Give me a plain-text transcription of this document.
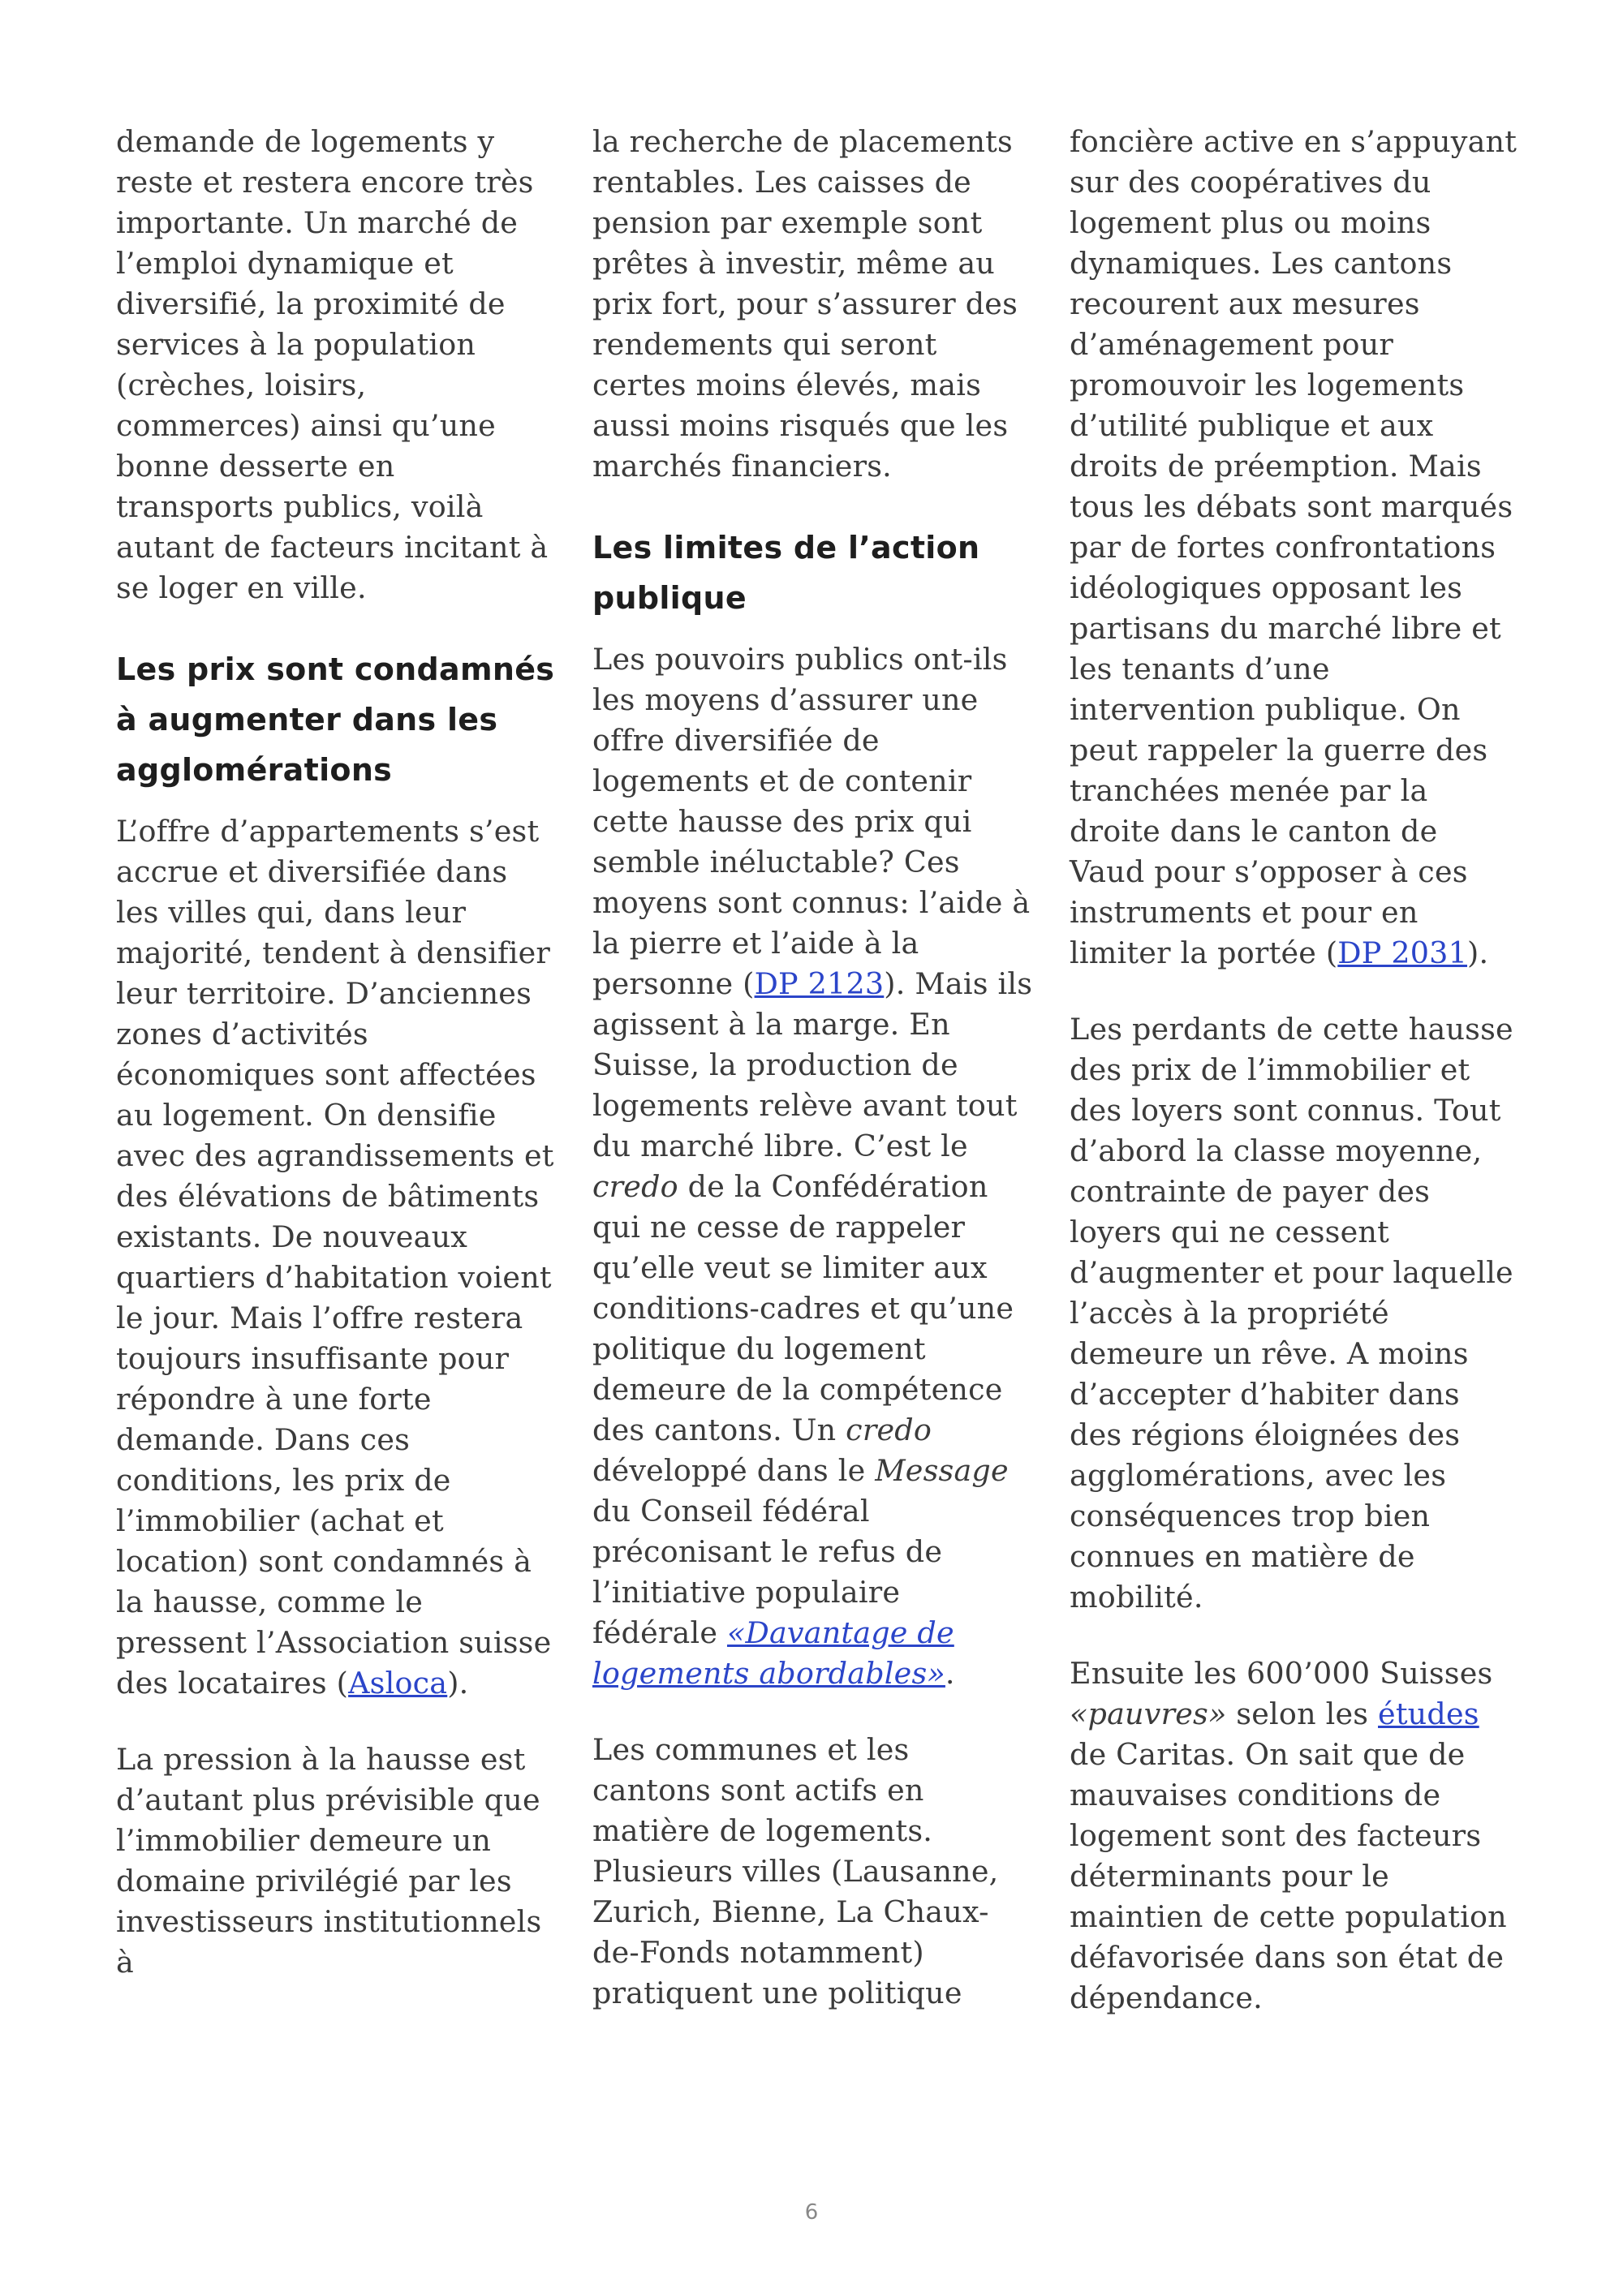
demande de logements y reste et restera encore très importante. Un marché de l’emploi dynamique et diversifié, la proximité de services à la population (crèches, loisirs, commerces) ainsi qu’une bonne desserte en transports publics, voilà autant de facteurs incitant à se loger en ville.

Les prix sont condamnés à augmenter dans les agglomérations

L’offre d’appartements s’est accrue et diversifiée dans les villes qui, dans leur majorité, tendent à densifier leur territoire. D’anciennes zones d’activités économiques sont affectées au logement. On densifie avec des agrandissements et des élévations de bâtiments existants. De nouveaux quartiers d’habitation voient le jour. Mais l’offre restera toujours insuffisante pour répondre à une forte demande. Dans ces conditions, les prix de l’immobilier (achat et location) sont condamnés à la hausse, comme le pressent l’Association suisse des locataires (Asloca).

La pression à la hausse est d’autant plus prévisible que l’immobilier demeure un domaine privilégié par les investisseurs institutionnels à

la recherche de placements rentables. Les caisses de pension par exemple sont prêtes à investir, même au prix fort, pour s’assurer des rendements qui seront certes moins élevés, mais aussi moins risqués que les marchés financiers.

Les limites de l’action publique

Les pouvoirs publics ont-ils les moyens d’assurer une offre diversifiée de logements et de contenir cette hausse des prix qui semble inéluctable? Ces moyens sont connus: l’aide à la pierre et l’aide à la personne (DP 2123). Mais ils agissent à la marge. En Suisse, la production de logements relève avant tout du marché libre. C’est le credo de la Confédération qui ne cesse de rappeler qu’elle veut se limiter aux conditions-cadres et qu’une politique du logement demeure de la compétence des cantons. Un credo développé dans le Message du Conseil fédéral préconisant le refus de l’initiative populaire fédérale «Davantage de logements abordables».

Les communes et les cantons sont actifs en matière de logements. Plusieurs villes (Lausanne, Zurich, Bienne, La Chaux-de-Fonds notamment) pratiquent une politique

foncière active en s’appuyant sur des coopératives du logement plus ou moins dynamiques. Les cantons recourent aux mesures d’aménagement pour promouvoir les logements d’utilité publique et aux droits de préemption. Mais tous les débats sont marqués par de fortes confrontations idéologiques opposant les partisans du marché libre et les tenants d’une intervention publique. On peut rappeler la guerre des tranchées menée par la droite dans le canton de Vaud pour s’opposer à ces instruments et pour en limiter la portée (DP 2031).

Les perdants de cette hausse des prix de l’immobilier et des loyers sont connus. Tout d’abord la classe moyenne, contrainte de payer des loyers qui ne cessent d’augmenter et pour laquelle l’accès à la propriété demeure un rêve. A moins d’accepter d’habiter dans des régions éloignées des agglomérations, avec les conséquences trop bien connues en matière de mobilité.

Ensuite les 600’000 Suisses «pauvres» selon les études de Caritas. On sait que de mauvaises conditions de logement sont des facteurs déterminants pour le maintien de cette population défavorisée dans son état de dépendance.

6
